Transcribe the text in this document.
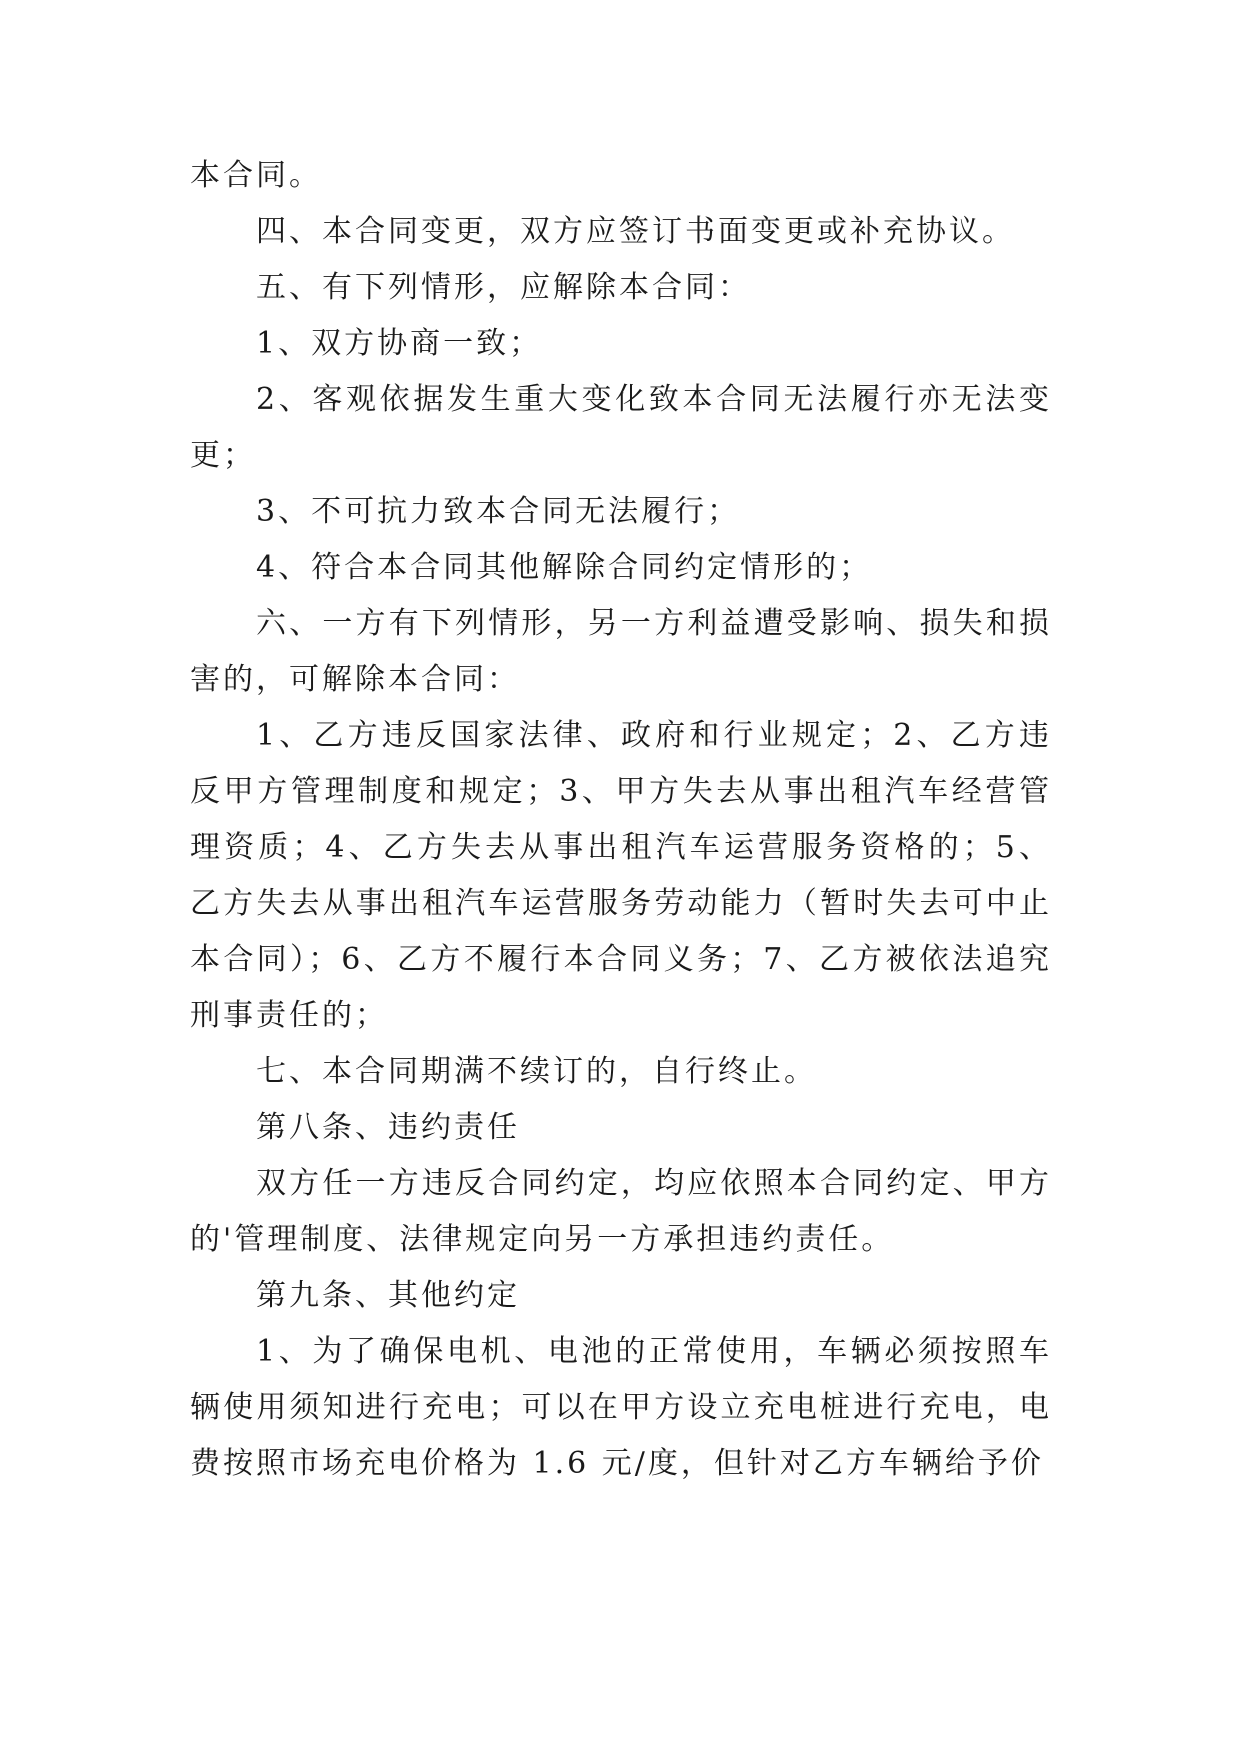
本合同。

四、本合同变更，双方应签订书面变更或补充协议。

五、有下列情形，应解除本合同：

1、双方协商一致；

2、客观依据发生重大变化致本合同无法履行亦无法变更；

3、不可抗力致本合同无法履行；

4、符合本合同其他解除合同约定情形的；

六、一方有下列情形，另一方利益遭受影响、损失和损害的，可解除本合同：

1、乙方违反国家法律、政府和行业规定；2、乙方违反甲方管理制度和规定；3、甲方失去从事出租汽车经营管理资质；4、乙方失去从事出租汽车运营服务资格的；5、乙方失去从事出租汽车运营服务劳动能力（暂时失去可中止本合同）；6、乙方不履行本合同义务；7、乙方被依法追究刑事责任的；

七、本合同期满不续订的，自行终止。

第八条、违约责任

双方任一方违反合同约定，均应依照本合同约定、甲方的'管理制度、法律规定向另一方承担违约责任。

第九条、其他约定

1、为了确保电机、电池的正常使用，车辆必须按照车辆使用须知进行充电；可以在甲方设立充电桩进行充电，电费按照市场充电价格为 1.6 元/度，但针对乙方车辆给予价
